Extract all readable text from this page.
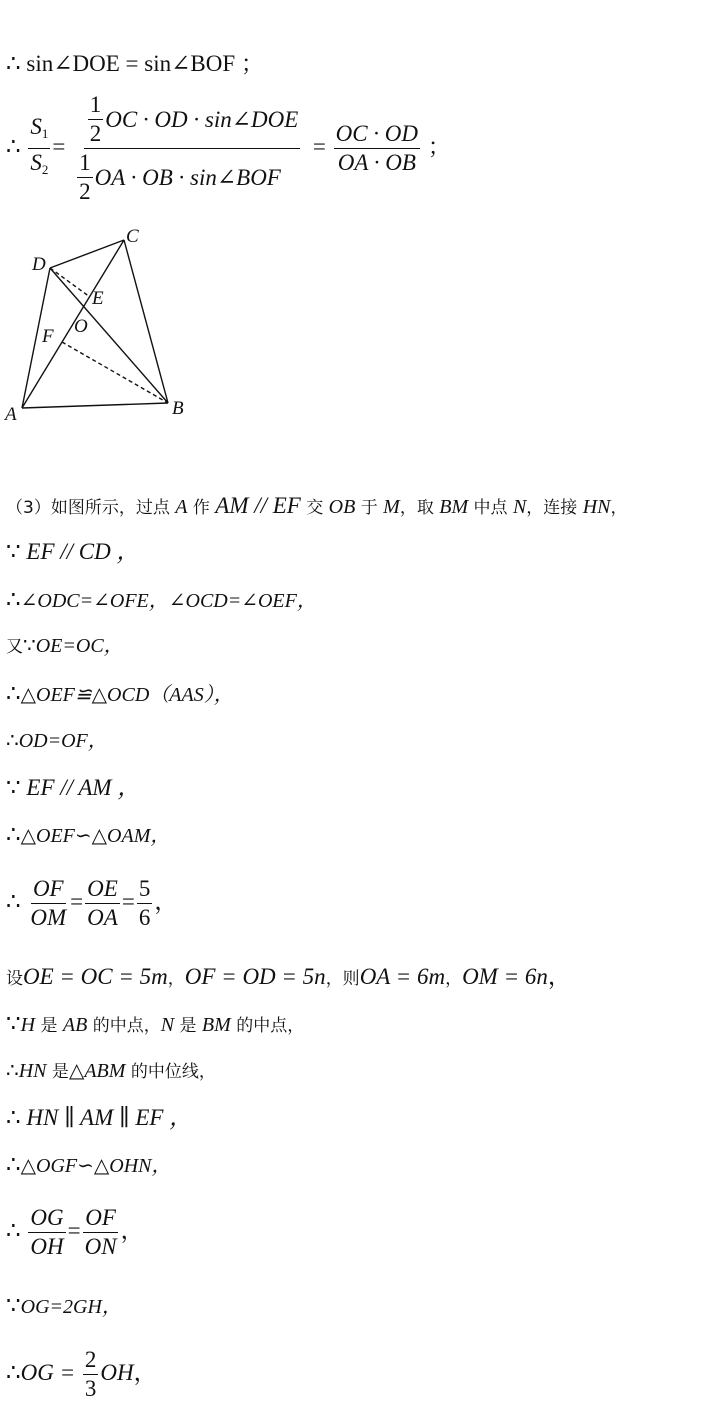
∴ sin∠DOE = sin∠BOF ；
∴ $\frac{S_1}{S_2} = \frac{\frac{1}{2} OC \cdot OD \cdot \sin\angle DOE}{\frac{1}{2} OA \cdot OB \cdot \sin\angle BOF} = \frac{OC \cdot OD}{OA \cdot OB}$ ；
C
D
E
O
F
A	B
（3）如图所示，过点 A 作 AM // EF 交 OB 于 M，取 BM 中点 N，连接 HN，
∵ EF // CD ，
∴∠ODC=∠OFE，∠OCD=∠OEF，
又∵OE=OC，
∴△OEF≌△OCD（AAS），
∴OD=OF，
∵ EF // AM ，
∴△OEF∽△OAM，
∴ $\frac{OF}{OM} = \frac{OE}{OA} = \frac{5}{6}$ ，
设OE = OC = 5m，OF = OD = 5n，则OA = 6m，OM = 6n，
∵H 是 AB 的中点，N 是 BM 的中点，
∴HN 是△ABM 的中位线，
∴ HN ∥ AM ∥ EF ，
∴△OGF∽△OHN，
∴ $\frac{OG}{OH} = \frac{OF}{ON}$ ，
∵OG=2GH，
∴OG = $\frac{2}{3}$ OH，
